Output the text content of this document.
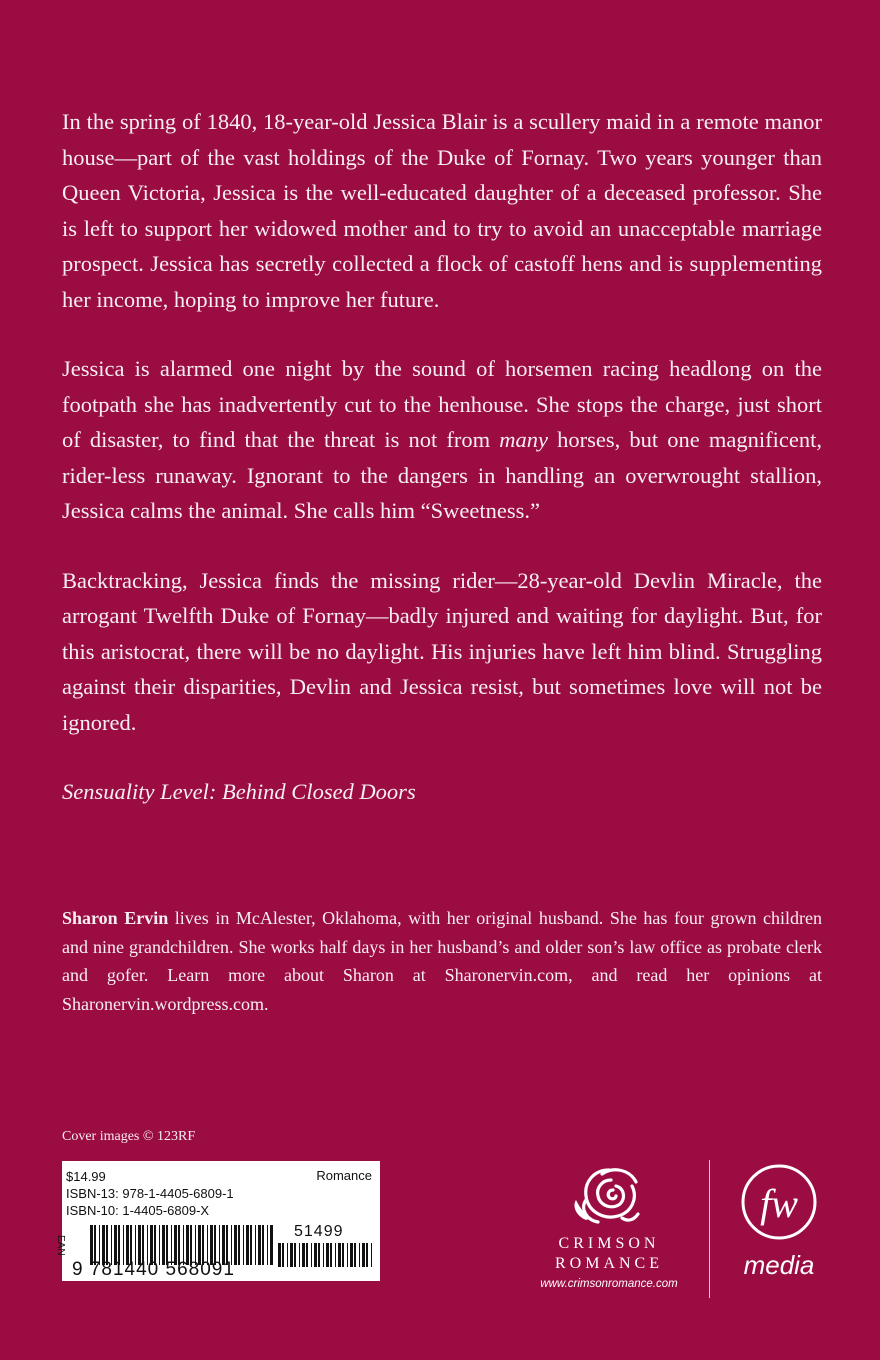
In the spring of 1840, 18-year-old Jessica Blair is a scullery maid in a remote manor house—part of the vast holdings of the Duke of Fornay. Two years younger than Queen Victoria, Jessica is the well-educated daughter of a deceased professor. She is left to support her widowed mother and to try to avoid an unacceptable marriage prospect. Jessica has secretly collected a flock of castoff hens and is supplementing her income, hoping to improve her future.

Jessica is alarmed one night by the sound of horsemen racing headlong on the footpath she has inadvertently cut to the henhouse. She stops the charge, just short of disaster, to find that the threat is not from many horses, but one magnificent, rider-less runaway. Ignorant to the dangers in handling an overwrought stallion, Jessica calms the animal. She calls him “Sweetness.”

Backtracking, Jessica finds the missing rider—28-year-old Devlin Miracle, the arrogant Twelfth Duke of Fornay—badly injured and waiting for daylight. But, for this aristocrat, there will be no daylight. His injuries have left him blind. Struggling against their disparities, Devlin and Jessica resist, but sometimes love will not be ignored.

Sensuality Level: Behind Closed Doors

Sharon Ervin lives in McAlester, Oklahoma, with her original husband. She has four grown children and nine grandchildren. She works half days in her husband’s and older son’s law office as probate clerk and gofer. Learn more about Sharon at Sharonervin.com, and read her opinions at Sharonervin.wordpress.com.
Cover images © 123RF
$14.99
ISBN-13: 978-1-4405-6809-1
ISBN-10: 1-4405-6809-X
Romance
EAN
51499
9 781440 568091
CRIMSON
ROMANCE
www.crimsonromance.com
fw
media
